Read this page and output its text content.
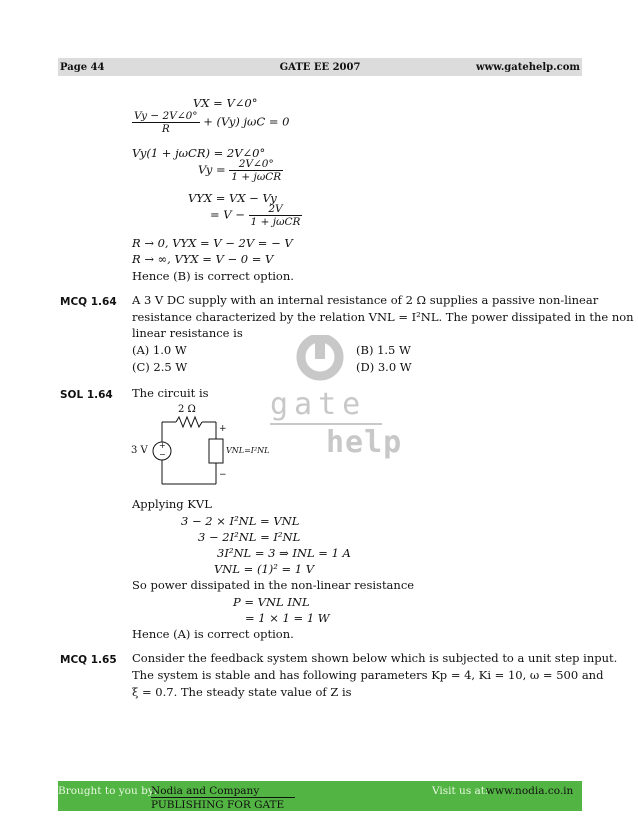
Page 44	GATE EE 2007	www.gatehelp.com
gate
help
VX = V∠0°
$\frac{Vy - 2V\angle 0^\circ}{R} + (Vy) j\omega C = 0$
Vy(1 + jωCR) = 2V∠0°
$Vy = \frac{2V\angle 0^\circ}{\text{1 + jωCR}}$
VYX = VX − Vy
= $V - \frac{2V}{\text{1 + jωCR}}$
R → 0, VYX = V − 2V = − V
R → ∞, VYX = V − 0 = V
Hence (B) is correct option.
MCQ 1.64 A 3 V DC supply with an internal resistance of 2 Ω supplies a passive non-linear
resistance characterized by the relation VNL = I²NL. The power dissipated in the non
linear resistance is
(A) 1.0 W	(B) 1.5 W
(C) 2.5 W	(D) 3.0 W
SOL 1.64 The circuit is
2 Ω
3 V +
−	VNL=I²NL
+
−
Applying KVL
3 − 2 × I²NL = VNL
3 − 2I²NL = I²NL
3I²NL = 3 ⇒ INL = 1 A
VNL = (1)² = 1 V
So power dissipated in the non-linear resistance
P = VNL INL
= 1 × 1 = 1 W
Hence (A) is correct option.
MCQ 1.65 Consider the feedback system shown below which is subjected to a unit step input.
The system is stable and has following parameters Kp = 4, Ki = 10, ω = 500 and
ξ = 0.7. The steady state value of Z is
Brought to you by:
Nodia and Company
PUBLISHING FOR GATE
Visit us at:
www.nodia.co.in
